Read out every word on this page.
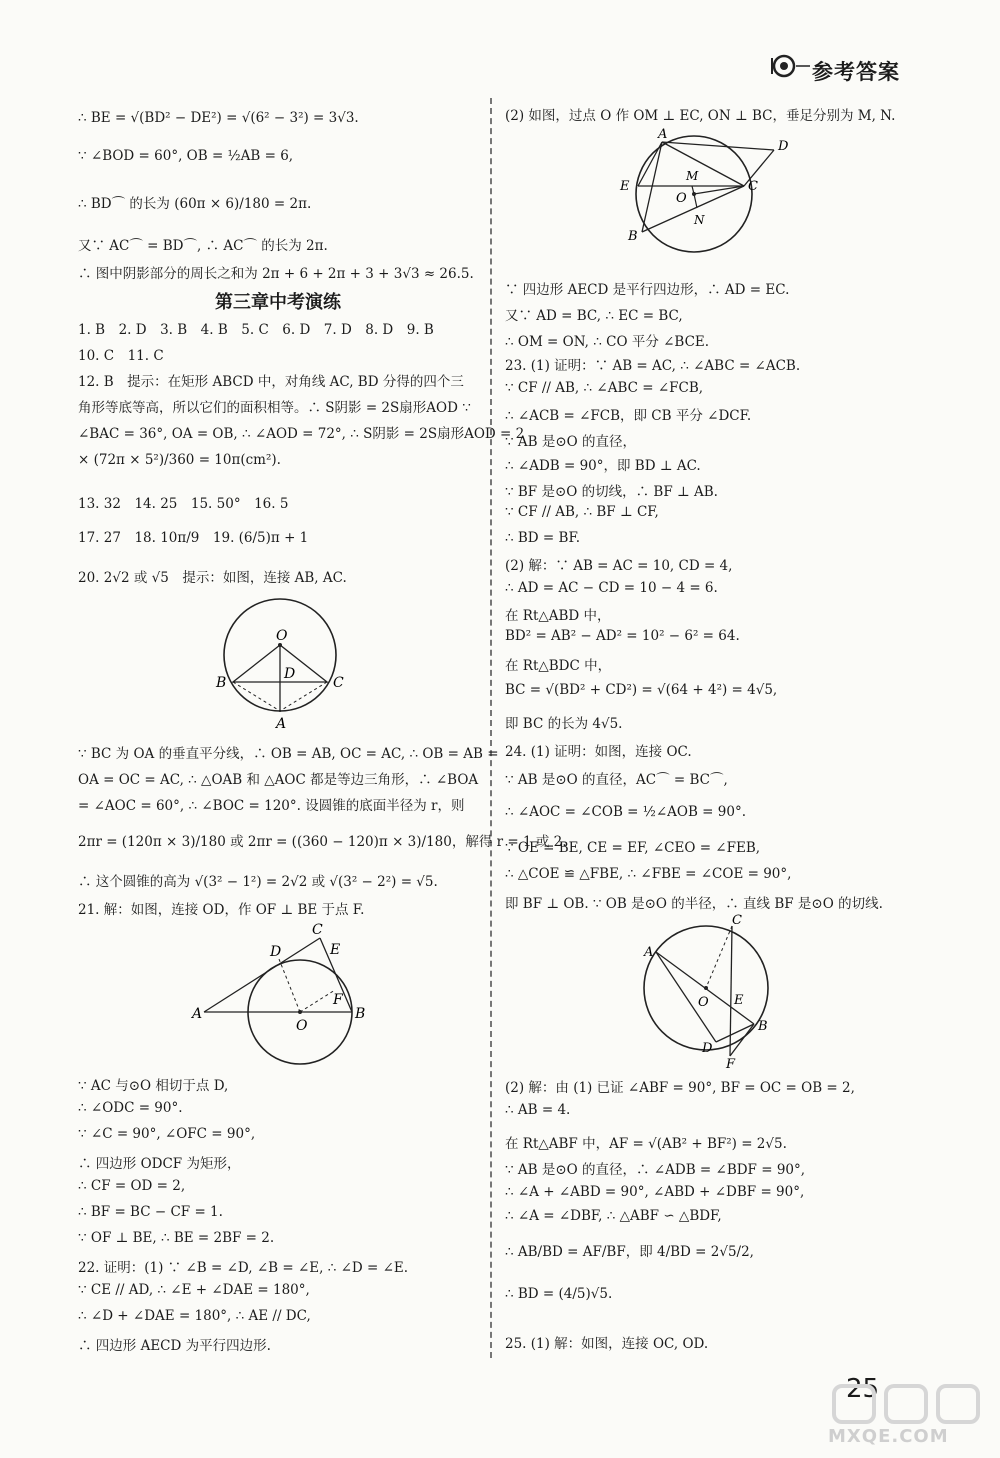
参考答案
∴ BE = √(BD² − DE²) = √(6² − 3²) = 3√3.
∵ ∠BOD = 60°, OB = ½AB = 6,
∴ BD⌒ 的长为 (60π × 6)/180 = 2π.
又∵ AC⌒ = BD⌒, ∴ AC⌒ 的长为 2π.
∴ 图中阴影部分的周长之和为 2π + 6 + 2π + 3 + 3√3 ≈ 26.5.
第三章中考演练
1. B　2. D　3. B　4. B　5. C　6. D　7. D　8. D　9. B
10. C　11. C
12. B　提示：在矩形 ABCD 中，对角线 AC, BD 分得的四个三
角形等底等高，所以它们的面积相等。∴ S阴影 = 2S扇形AOD ∵
∠BAC = 36°, OA = OB, ∴ ∠AOD = 72°, ∴ S阴影 = 2S扇形AOD = 2
× (72π × 5²)/360 = 10π(cm²).
13. 32　14. 25　15. 50°　16. 5
17. 27　18. 10π/9　19. (6/5)π + 1
20. 2√2 或 √5　提示：如图，连接 AB, AC.
∵ BC 为 OA 的垂直平分线，∴ OB = AB, OC = AC, ∴ OB = AB =
OA = OC = AC, ∴ △OAB 和 △AOC 都是等边三角形，∴ ∠BOA
= ∠AOC = 60°, ∴ ∠BOC = 120°. 设圆锥的底面半径为 r，则
2πr = (120π × 3)/180 或 2πr = ((360 − 120)π × 3)/180，解得 r = 1 或 2.
∴ 这个圆锥的高为 √(3² − 1²) = 2√2 或 √(3² − 2²) = √5.
21. 解：如图，连接 OD，作 OF ⊥ BE 于点 F.
∵ AC 与⊙O 相切于点 D,
∴ ∠ODC = 90°.
∵ ∠C = 90°, ∠OFC = 90°,
∴ 四边形 ODCF 为矩形，
∴ CF = OD = 2,
∴ BF = BC − CF = 1.
∵ OF ⊥ BE, ∴ BE = 2BF = 2.
22. 证明：(1) ∵ ∠B = ∠D, ∠B = ∠E, ∴ ∠D = ∠E.
∵ CE // AD, ∴ ∠E + ∠DAE = 180°,
∴ ∠D + ∠DAE = 180°, ∴ AE // DC,
∴ 四边形 AECD 为平行四边形.
O
B	C
D
A
A
C
D	E
F
O
B
(2) 如图，过点 O 作 OM ⊥ EC, ON ⊥ BC，垂足分别为 M, N.
∵ 四边形 AECD 是平行四边形，∴ AD = EC.
又∵ AD = BC, ∴ EC = BC,
∴ OM = ON, ∴ CO 平分 ∠BCE.
23. (1) 证明：∵ AB = AC, ∴ ∠ABC = ∠ACB.
∵ CF // AB, ∴ ∠ABC = ∠FCB,
∴ ∠ACB = ∠FCB，即 CB 平分 ∠DCF.
∵ AB 是⊙O 的直径，
∴ ∠ADB = 90°，即 BD ⊥ AC.
∵ BF 是⊙O 的切线，∴ BF ⊥ AB.
∵ CF // AB, ∴ BF ⊥ CF,
∴ BD = BF.
(2) 解：∵ AB = AC = 10, CD = 4,
∴ AD = AC − CD = 10 − 4 = 6.
在 Rt△ABD 中，
BD² = AB² − AD² = 10² − 6² = 64.
在 Rt△BDC 中，
BC = √(BD² + CD²) = √(64 + 4²) = 4√5,
即 BC 的长为 4√5.
24. (1) 证明：如图，连接 OC.
∵ AB 是⊙O 的直径，AC⌒ = BC⌒,
∴ ∠AOC = ∠COB = ½∠AOB = 90°.
∵ OE = BE, CE = EF, ∠CEO = ∠FEB,
∴ △COE ≌ △FBE, ∴ ∠FBE = ∠COE = 90°,
即 BF ⊥ OB. ∵ OB 是⊙O 的半径，∴ 直线 BF 是⊙O 的切线.
(2) 解：由 (1) 已证 ∠ABF = 90°, BF = OC = OB = 2,
∴ AB = 4.
在 Rt△ABF 中，AF = √(AB² + BF²) = 2√5.
∵ AB 是⊙O 的直径，∴ ∠ADB = ∠BDF = 90°,
∴ ∠A + ∠ABD = 90°, ∠ABD + ∠DBF = 90°,
∴ ∠A = ∠DBF, ∴ △ABF ∽ △BDF,
∴ AB/BD = AF/BF，即 4/BD = 2√5/2,
∴ BD = (4/5)√5.
25. (1) 解：如图，连接 OC, OD.
A
D
E
M
O
C
N
B
A
C
O E
B
D
F
25
MXQE.COM
